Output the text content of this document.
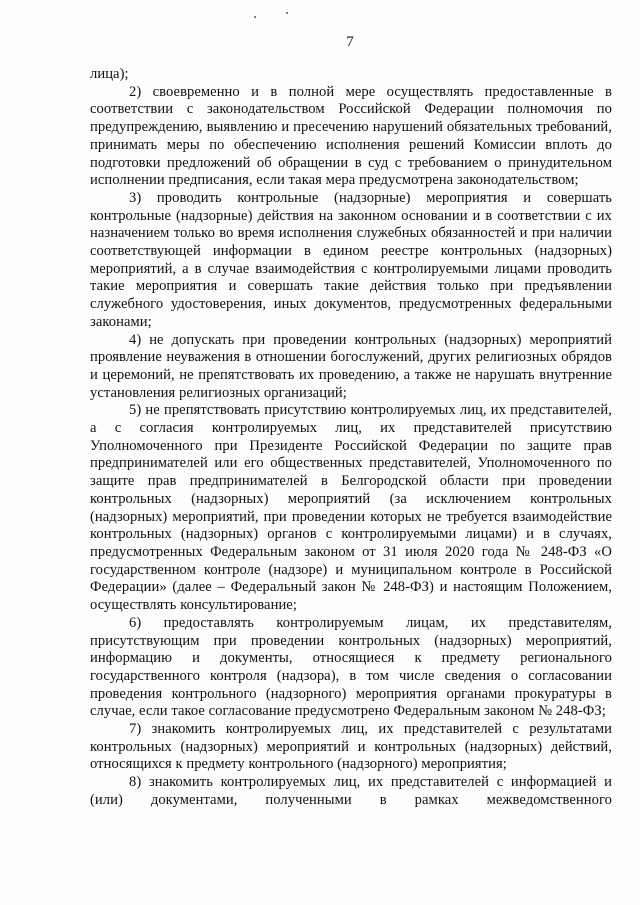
7

лица);

2) своевременно и в полной мере осуществлять предоставленные в соответствии с законодательством Российской Федерации полномочия по предупреждению, выявлению и пресечению нарушений обязательных требований, принимать меры по обеспечению исполнения решений Комиссии вплоть до подготовки предложений об обращении в суд с требованием о принудительном исполнении предписания, если такая мера предусмотрена законодательством;

3) проводить контрольные (надзорные) мероприятия и совершать контрольные (надзорные) действия на законном основании и в соответствии с их назначением только во время исполнения служебных обязанностей и при наличии соответствующей информации в едином реестре контрольных (надзорных) мероприятий, а в случае взаимодействия с контролируемыми лицами проводить такие мероприятия и совершать такие действия только при предъявлении служебного удостоверения, иных документов, предусмотренных федеральными законами;

4) не допускать при проведении контрольных (надзорных) мероприятий проявление неуважения в отношении богослужений, других религиозных обрядов и церемоний, не препятствовать их проведению, а также не нарушать внутренние установления религиозных организаций;

5) не препятствовать присутствию контролируемых лиц, их представителей, а с согласия контролируемых лиц, их представителей присутствию Уполномоченного при Президенте Российской Федерации по защите прав предпринимателей или его общественных представителей, Уполномоченного по защите прав предпринимателей в Белгородской области при проведении контрольных (надзорных) мероприятий (за исключением контрольных (надзорных) мероприятий, при проведении которых не требуется взаимодействие контрольных (надзорных) органов с контролируемыми лицами) и в случаях, предусмотренных Федеральным законом от 31 июля 2020 года № 248-ФЗ «О государственном контроле (надзоре) и муниципальном контроле в Российской Федерации» (далее – Федеральный закон № 248-ФЗ) и настоящим Положением, осуществлять консультирование;

6) предоставлять контролируемым лицам, их представителям, присутствующим при проведении контрольных (надзорных) мероприятий, информацию и документы, относящиеся к предмету регионального государственного контроля (надзора), в том числе сведения о согласовании проведения контрольного (надзорного) мероприятия органами прокуратуры в случае, если такое согласование предусмотрено Федеральным законом № 248-ФЗ;

7) знакомить контролируемых лиц, их представителей с результатами контрольных (надзорных) мероприятий и контрольных (надзорных) действий, относящихся к предмету контрольного (надзорного) мероприятия;

8) знакомить контролируемых лиц, их представителей с информацией и (или) документами, полученными в рамках межведомственного
